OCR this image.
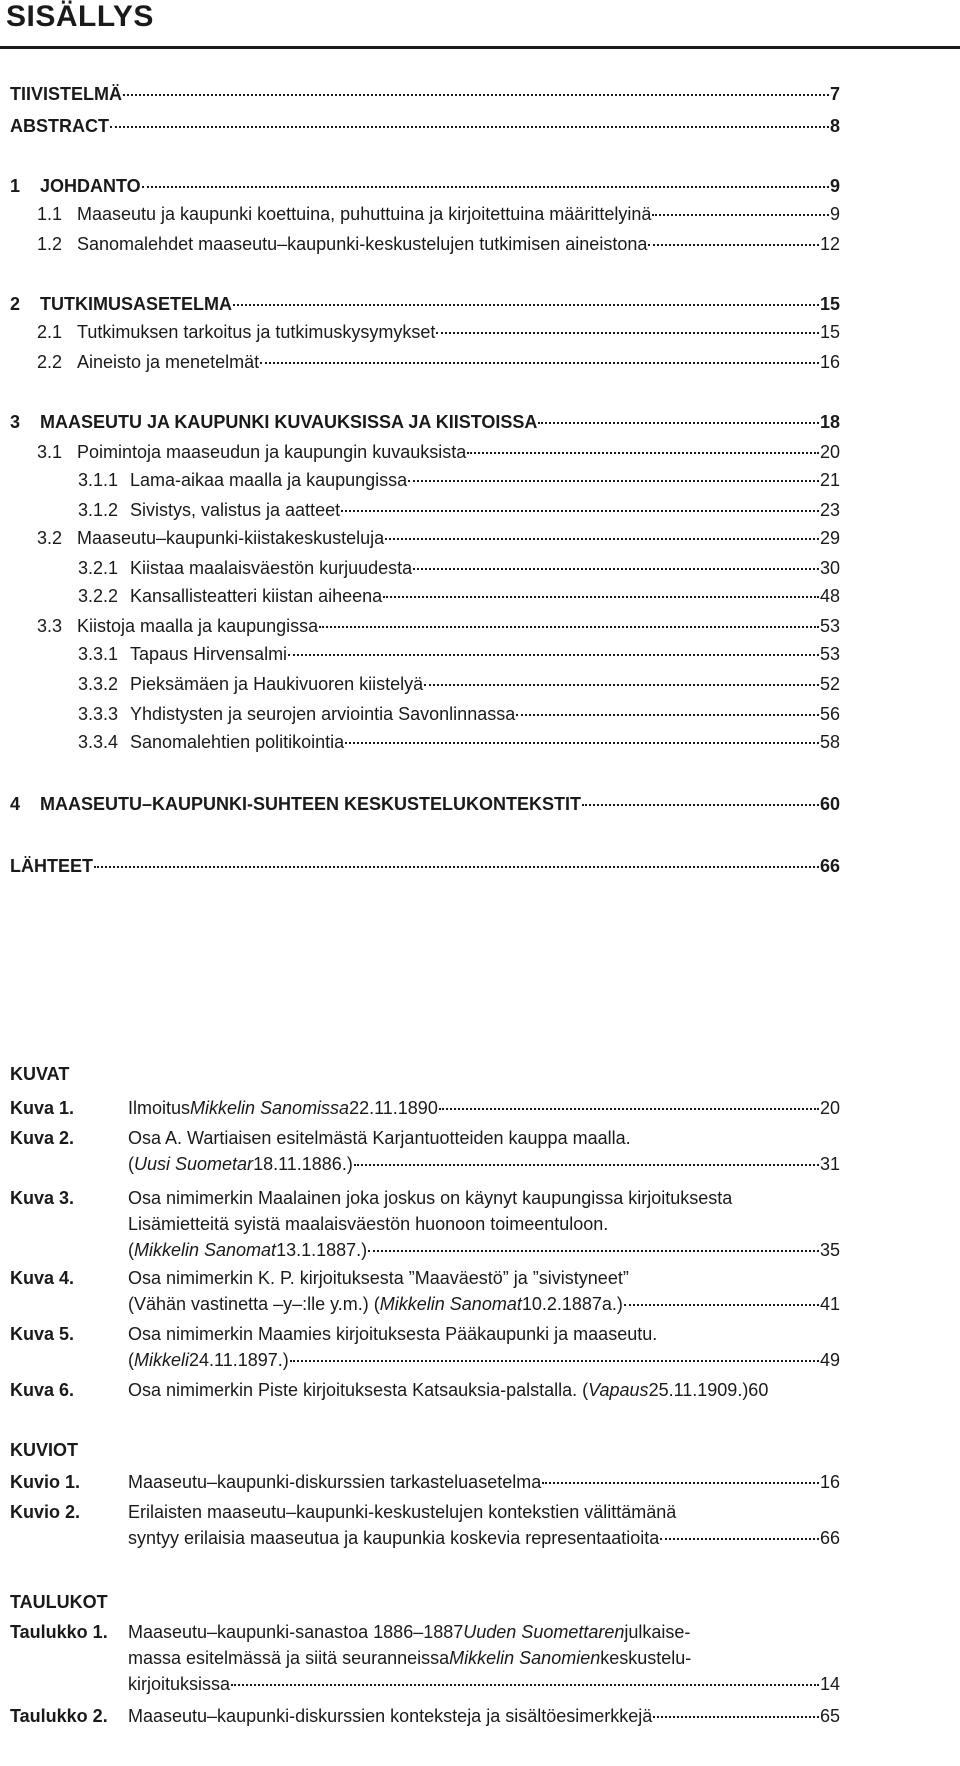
SISÄLLYS
TIIVISTELMÄ	7
ABSTRACT	8
1	JOHDANTO	9
1.1 Maaseutu ja kaupunki koettuina, puhuttuina ja kirjoitettuina määrittelyinä	9
1.2 Sanomalehdet maaseutu–kaupunki-keskustelujen tutkimisen aineistona	12
2	TUTKIMUSASETELMA	15
2.1 Tutkimuksen tarkoitus ja tutkimuskysymykset	15
2.2 Aineisto ja menetelmät	16
3	MAASEUTU JA KAUPUNKI KUVAUKSISSA JA KIISTOISSA	18
3.1 Poimintoja maaseudun ja kaupungin kuvauksista	20
3.1.1 Lama-aikaa maalla ja kaupungissa	21
3.1.2 Sivistys, valistus ja aatteet	23
3.2 Maaseutu–kaupunki-kiistakeskusteluja	29
3.2.1 Kiistaa maalaisväestön kurjuudesta	30
3.2.2 Kansallisteatteri kiistan aiheena	48
3.3 Kiistoja maalla ja kaupungissa	53
3.3.1 Tapaus Hirvensalmi	53
3.3.2 Pieksämäen ja Haukivuoren kiistelyä	52
3.3.3 Yhdistysten ja seurojen arviointia Savonlinnassa	56
3.3.4 Sanomalehtien politikointia	58
4	MAASEUTU–KAUPUNKI-SUHTEEN KESKUSTELUKONTEKSTIT	60
LÄHTEET	66
KUVAT
Kuva 1.	Ilmoitus Mikkelin Sanomissa 22.11.1890	20
Kuva 2.	Osa A. Wartiaisen esitelmästä Karjantuotteiden kauppa maalla.
( Uusi Suometar 18.11.1886.)	31
Kuva 3.	Osa nimimerkin Maalainen joka joskus on käynyt kaupungissa kirjoituksesta
Lisämietteitä syistä maalaisväestön huonoon toimeentuloon.
( Mikkelin Sanomat 13.1.1887.)	35
Kuva 4.	Osa nimimerkin K. P. kirjoituksesta ”Maaväestö” ja ”sivistyneet”
(Vähän vastinetta –y–:lle y.m.) ( Mikkelin Sanomat 10.2.1887a.)	41
Kuva 5.	Osa nimimerkin Maamies kirjoituksesta Pääkaupunki ja maaseutu.
( Mikkeli 24.11.1897.)	49
Kuva 6.	Osa nimimerkin Piste kirjoituksesta Katsauksia-palstalla. ( Vapaus 25.11.1909.)60
KUVIOT
Kuvio 1.	Maaseutu–kaupunki-diskurssien tarkasteluasetelma	16
Kuvio 2.	Erilaisten maaseutu–kaupunki-keskustelujen kontekstien välittämänä
syntyy erilaisia maaseutua ja kaupunkia koskevia representaatioita	66
TAULUKOT
Taulukko 1. Maaseutu–kaupunki-sanastoa 1886–1887 Uuden Suomettaren julkaise-
massa esitelmässä ja siitä seuranneissa Mikkelin Sanomien keskustelu-
kirjoituksissa	14
Taulukko 2. Maaseutu–kaupunki-diskurssien konteksteja ja sisältöesimerkkejä	65
